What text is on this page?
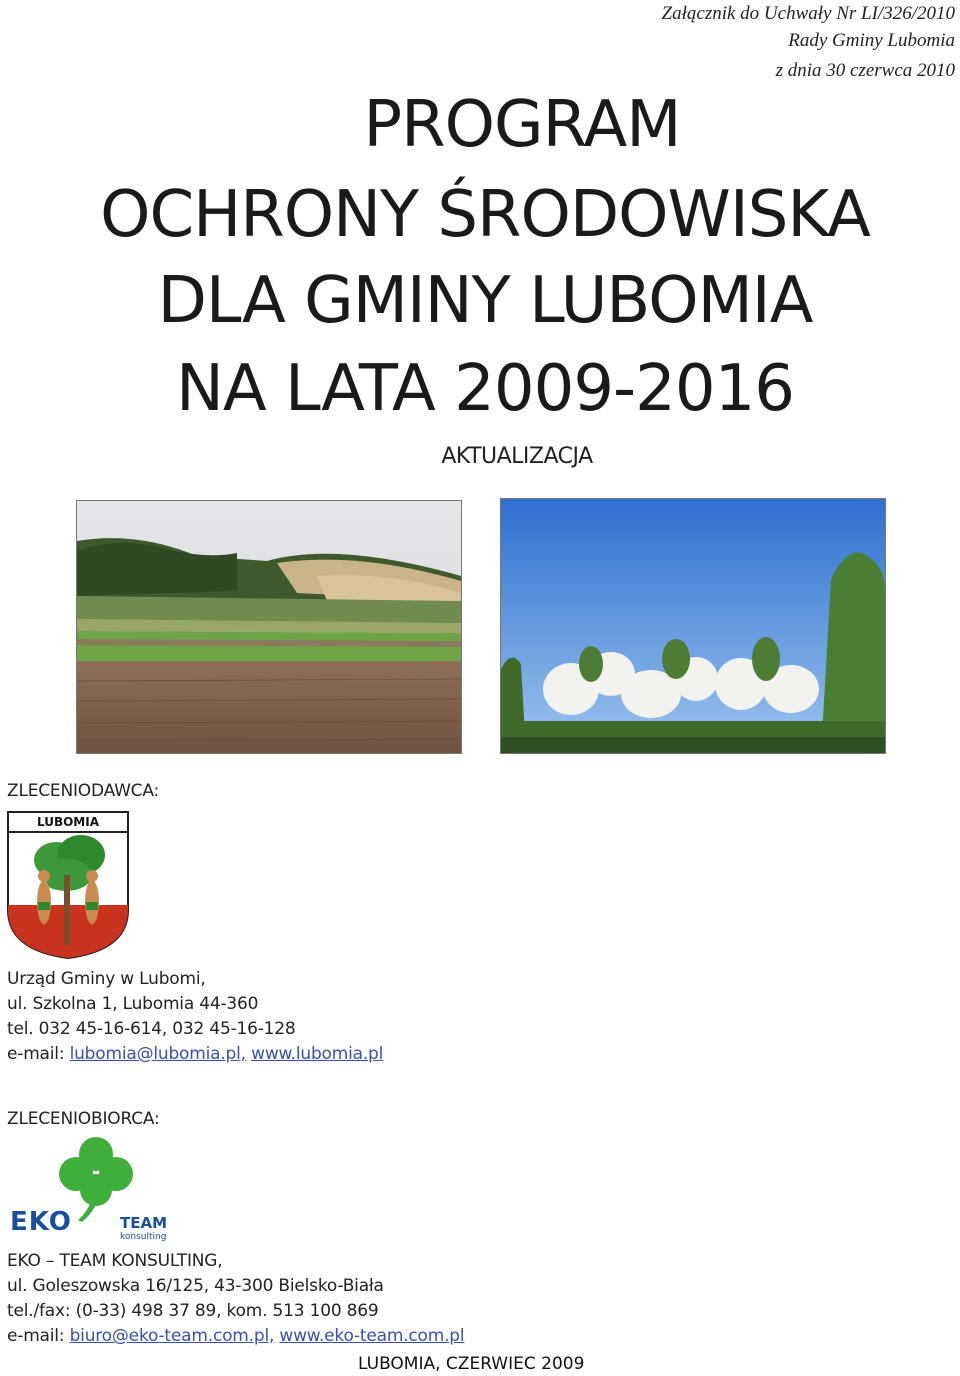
Załącznik do Uchwały Nr LI/326/2010
Rady Gminy Lubomia
z dnia 30 czerwca 2010
PROGRAM
OCHRONY ŚRODOWISKA
DLA GMINY LUBOMIA
NA LATA 2009-2016
AKTUALIZACJA
ZLECENIODAWCA:
LUBOMIA
Urząd Gminy w Lubomi,
ul. Szkolna 1, Lubomia 44-360
tel. 032 45-16-614, 032 45-16-128
e-mail: lubomia@lubomia.pl, www.lubomia.pl
ZLECENIOBIORCA:
EKO	TEAM
konsulting
EKO – TEAM KONSULTING,
ul. Goleszowska 16/125, 43-300 Bielsko-Biała
tel./fax: (0-33) 498 37 89, kom. 513 100 869
e-mail: biuro@eko-team.com.pl, www.eko-team.com.pl
LUBOMIA, CZERWIEC 2009
